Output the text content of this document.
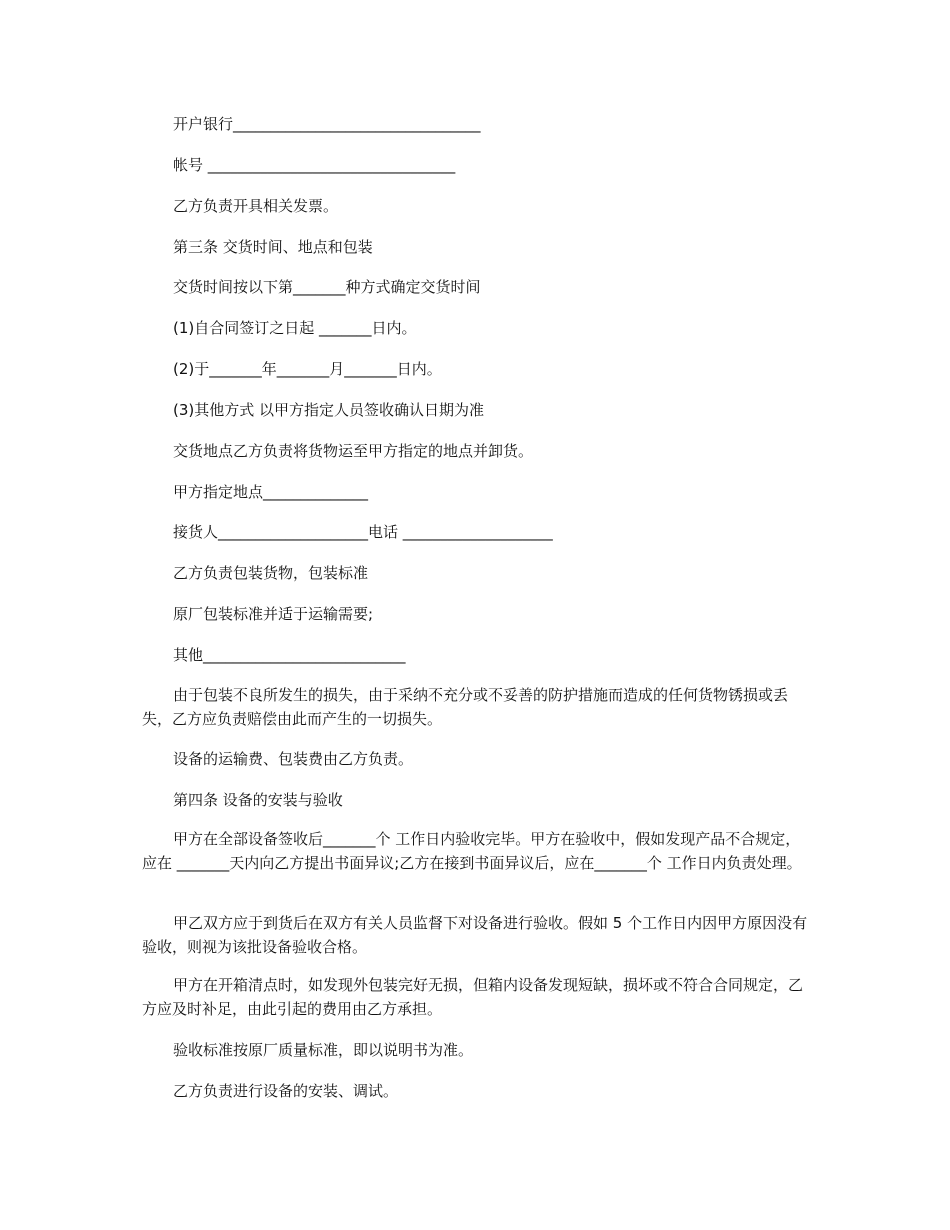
开户银行_________________________________
帐号 _________________________________
乙方负责开具相关发票。
第三条 交货时间、地点和包装
交货时间按以下第_______种方式确定交货时间
(1)自合同签订之日起 _______日内。
(2)于_______年_______月_______日内。
(3)其他方式 以甲方指定人员签收确认日期为准
交货地点乙方负责将货物运至甲方指定的地点并卸货。
甲方指定地点______________
接货人____________________电话 ____________________
乙方负责包装货物，包装标准
原厂包装标准并适于运输需要;
其他___________________________
由于包装不良所发生的损失，由于采纳不充分或不妥善的防护措施而造成的任何货物锈损或丢失，乙方应负责赔偿由此而产生的一切损失。
设备的运输费、包装费由乙方负责。
第四条 设备的安装与验收
甲方在全部设备签收后_______个 工作日内验收完毕。甲方在验收中，假如发现产品不合规定，应在 _______天内向乙方提出书面异议;乙方在接到书面异议后，应在_______个 工作日内负责处理。
甲乙双方应于到货后在双方有关人员监督下对设备进行验收。假如 5 个工作日内因甲方原因没有验收，则视为该批设备验收合格。
甲方在开箱清点时，如发现外包装完好无损，但箱内设备发现短缺，损坏或不符合合同规定，乙方应及时补足，由此引起的费用由乙方承担。
验收标准按原厂质量标准，即以说明书为准。
乙方负责进行设备的安装、调试。
